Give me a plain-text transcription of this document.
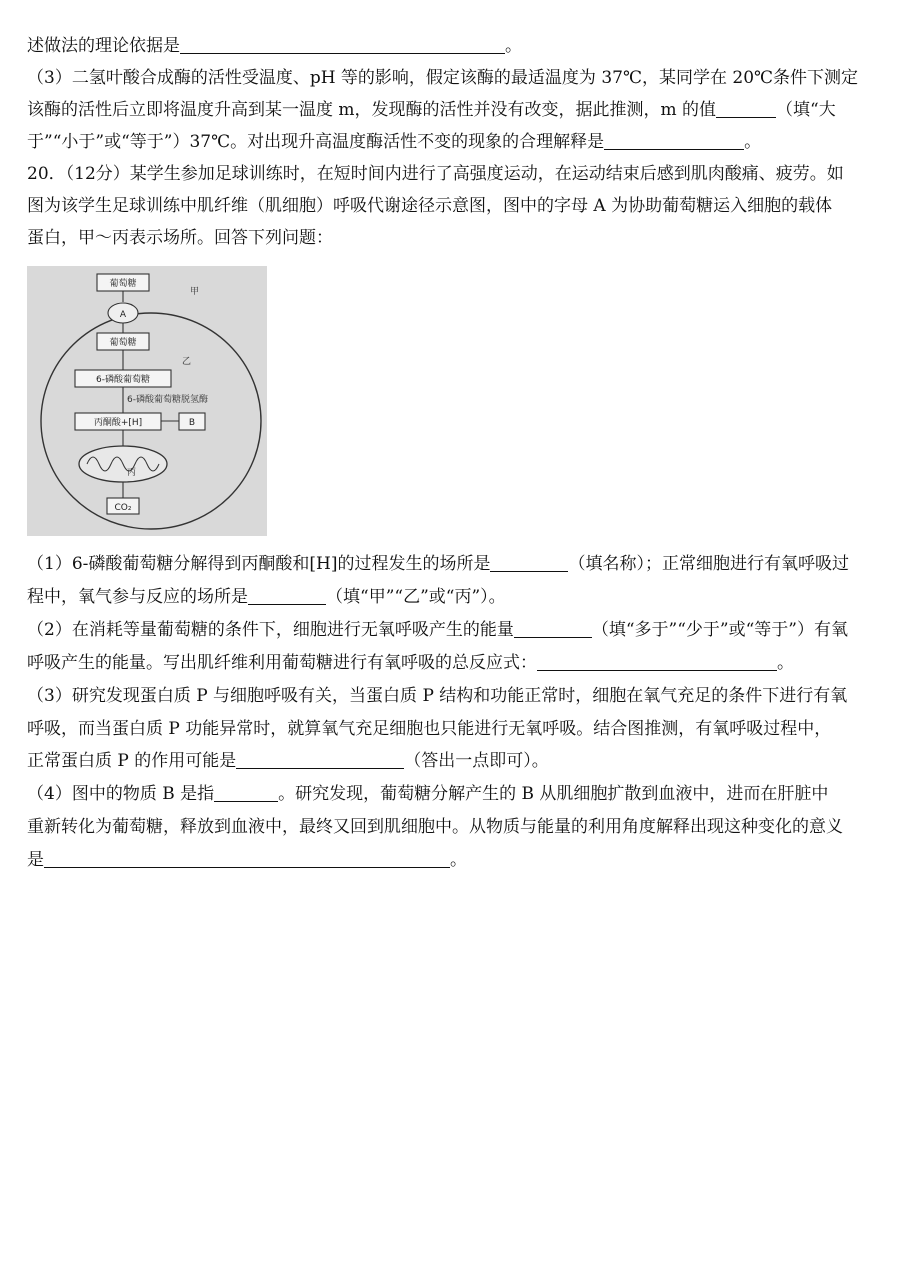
述做法的理论依据是	。
（3）二氢叶酸合成酶的活性受温度、pH 等的影响，假定该酶的最适温度为 37℃，某同学在 20℃条件下测定
该酶的活性后立即将温度升高到某一温度 m，发现酶的活性并没有改变，据此推测，m 的值	（填“大
于”“小于”或“等于”）37℃。对出现升高温度酶活性不变的现象的合理解释是	。
20．（12分）某学生参加足球训练时，在短时间内进行了高强度运动，在运动结束后感到肌肉酸痛、疲劳。如
图为该学生足球训练中肌纤维（肌细胞）呼吸代谢途径示意图，图中的字母 A 为协助葡萄糖运入细胞的载体
蛋白，甲～丙表示场所。回答下列问题：
葡萄糖
A
葡萄糖
6-磷酸葡萄糖
6-磷酸葡萄糖脱氢酶
丙酮酸+[H]	B
丙
CO₂
甲
乙
（1）6-磷酸葡萄糖分解得到丙酮酸和[H]的过程发生的场所是	（填名称）；正常细胞进行有氧呼吸过
程中，氧气参与反应的场所是	（填“甲”“乙”或“丙”）。
（2）在消耗等量葡萄糖的条件下，细胞进行无氧呼吸产生的能量	（填“多于”“少于”或“等于”）有氧
呼吸产生的能量。写出肌纤维利用葡萄糖进行有氧呼吸的总反应式：	。
（3）研究发现蛋白质 P 与细胞呼吸有关，当蛋白质 P 结构和功能正常时，细胞在氧气充足的条件下进行有氧
呼吸，而当蛋白质 P 功能异常时，就算氧气充足细胞也只能进行无氧呼吸。结合图推测，有氧呼吸过程中，
正常蛋白质 P 的作用可能是	（答出一点即可）。
（4）图中的物质 B 是指	。研究发现，葡萄糖分解产生的 B 从肌细胞扩散到血液中，进而在肝脏中
重新转化为葡萄糖，释放到血液中，最终又回到肌细胞中。从物质与能量的利用角度解释出现这种变化的意义
是	。
